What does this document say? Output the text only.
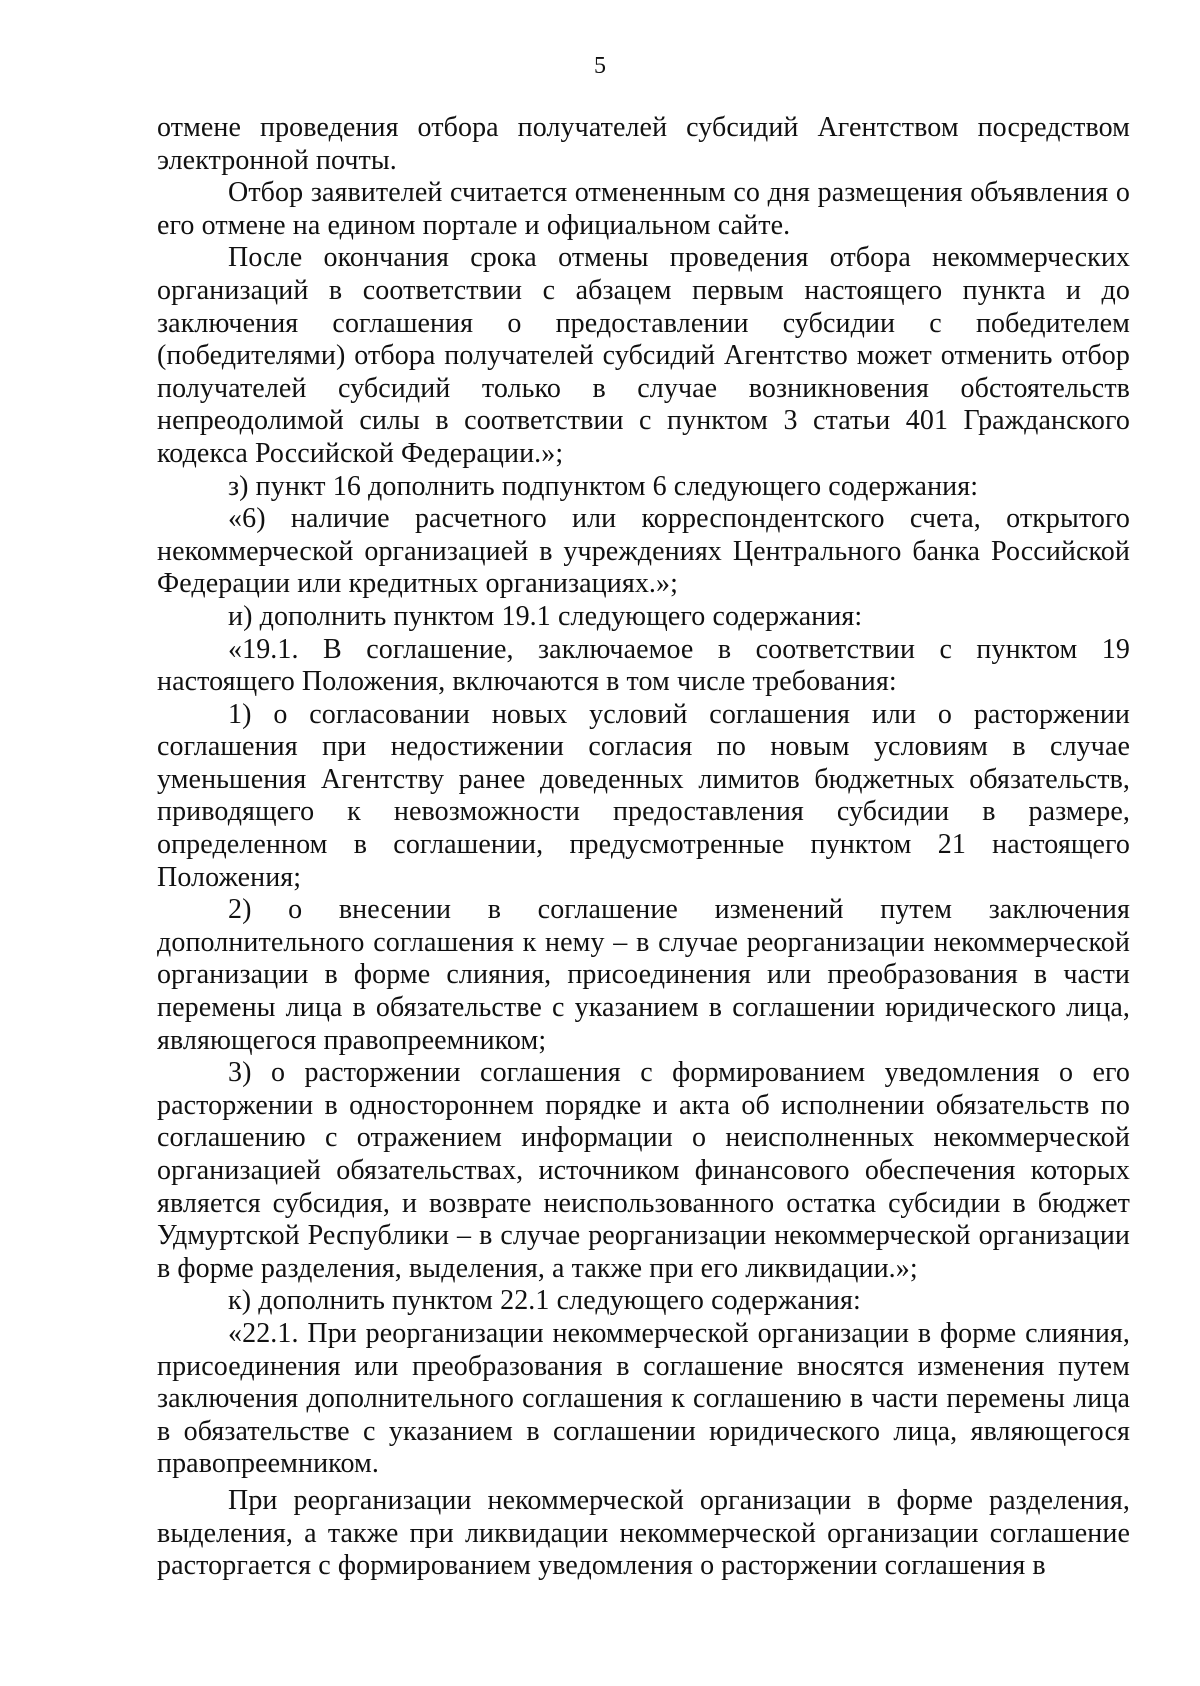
5

отмене проведения отбора получателей субсидий Агентством посредством электронной почты.

Отбор заявителей считается отмененным со дня размещения объявления о его отмене на едином портале и официальном сайте.

После окончания срока отмены проведения отбора некоммерческих организаций в соответствии с абзацем первым настоящего пункта и до заключения соглашения о предоставлении субсидии с победителем (победителями) отбора получателей субсидий Агентство может отменить отбор получателей субсидий только в случае возникновения обстоятельств непреодолимой силы в соответствии с пунктом 3 статьи 401 Гражданского кодекса Российской Федерации.»;

з) пункт 16 дополнить подпунктом 6 следующего содержания:

«6) наличие расчетного или корреспондентского счета, открытого некоммерческой организацией в учреждениях Центрального банка Российской Федерации или кредитных организациях.»;

и) дополнить пунктом 19.1 следующего содержания:

«19.1. В соглашение, заключаемое в соответствии с пунктом 19 настоящего Положения, включаются в том числе требования:

1) о согласовании новых условий соглашения или о расторжении соглашения при недостижении согласия по новым условиям в случае уменьшения Агентству ранее доведенных лимитов бюджетных обязательств, приводящего к невозможности предоставления субсидии в размере, определенном в соглашении, предусмотренные пунктом 21 настоящего Положения;

2) о внесении в соглашение изменений путем заключения дополнительного соглашения к нему – в случае реорганизации некоммерческой организации в форме слияния, присоединения или преобразования в части перемены лица в обязательстве с указанием в соглашении юридического лица, являющегося правопреемником;

3) о расторжении соглашения с формированием уведомления о его расторжении в одностороннем порядке и акта об исполнении обязательств по соглашению с отражением информации о неисполненных некоммерческой организацией обязательствах, источником финансового обеспечения которых является субсидия, и возврате неиспользованного остатка субсидии в бюджет Удмуртской Республики – в случае реорганизации некоммерческой организации в форме разделения, выделения, а также при его ликвидации.»;

к) дополнить пунктом 22.1 следующего содержания:

«22.1. При реорганизации некоммерческой организации в форме слияния, присоединения или преобразования в соглашение вносятся изменения путем заключения дополнительного соглашения к соглашению в части перемены лица в обязательстве с указанием в соглашении юридического лица, являющегося правопреемником.

При реорганизации некоммерческой организации в форме разделения, выделения, а также при ликвидации некоммерческой организации соглашение расторгается с формированием уведомления о расторжении соглашения в
